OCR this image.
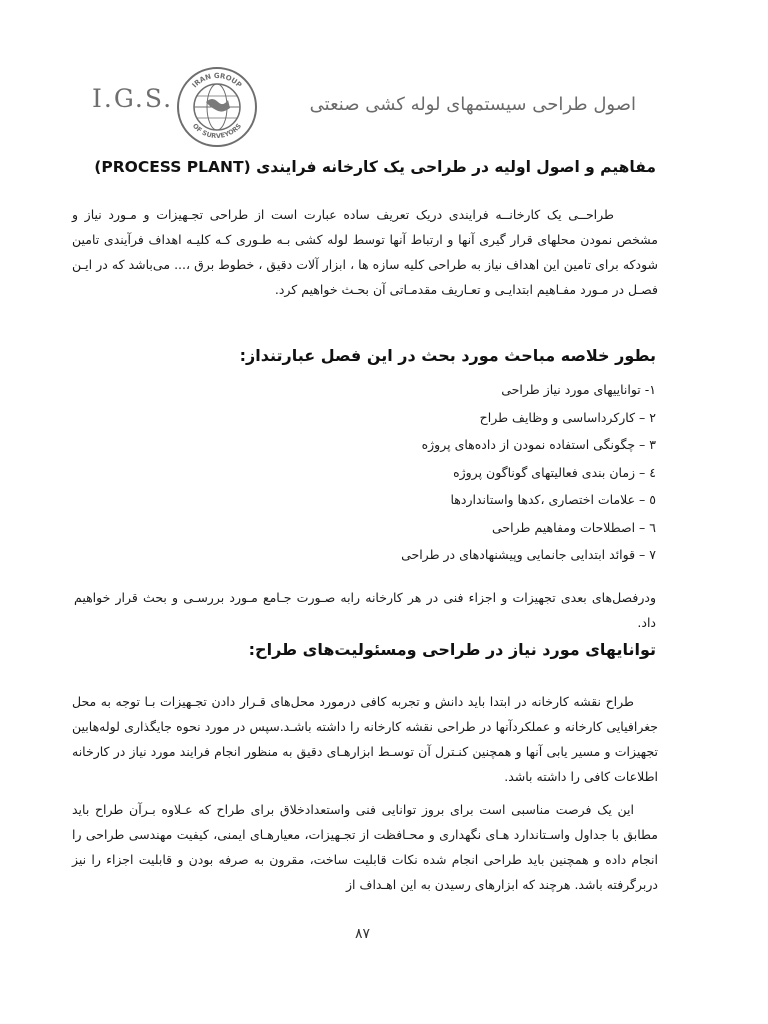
I.G.S.	IRAN GROUP
OF SURVEYORS
اصول طراحی سیستمهای لوله کشی صنعتی
مفاهیم و اصول اولیه در طراحی یک کارخانه فرایندی (PROCESS PLANT)

طراحــی یک کارخانــه فرایندی دریک تعریف ساده عبارت است از طراحی تجـهیزات و مـورد نیاز و مشخص نمودن محلهای قرار گیری آنها و ارتباط آنها توسط لوله کشی بـه طـوری کـه کلیـه اهداف فرآیندی تامین شودکه برای تامین این اهداف نیاز به طراحی کلیه سازه ها ، ابزار آلات دقیق ، خطوط برق ،... می‌باشد که در ایـن فصـل در مـورد مفـاهیم ابتدایـی و تعـاریف مقدمـاتی آن بحـث خواهیم کرد.

بطور خلاصه مباحث مورد بحث در این فصل عبارتنداز:
۱- تواناییهای مورد نیاز طراحی
۲ – کارکرداساسی و وظایف طراح
۳ – چگونگی استفاده نمودن از داده‌های پروژه
٤ – زمان بندی فعالیتهای گوناگون پروژه
٥ – علامات اختصاری ،کدها واستانداردها
٦ – اصطلاحات ومفاهیم طراحی
۷ – قوائد ابتدایی جانمایی وپیشنهادهای در طراحی

ودرفصل‌های بعدی تجهیزات و اجزاء فنی در هر کارخانه رابه صـورت جـامع مـورد بررسـی و بحث قرار خواهیم داد.

توانایهای مورد نیاز در طراحی ومسئولیت‌های طراح:

طراح نقشه کارخانه در ابتدا باید دانش و تجربه کافی درمورد محل‌های قـرار دادن تجـهیزات بـا توجه به محل جغرافیایی کارخانه و عملکردآنها در طراحی نقشه کارخانه را داشته باشـد.سپس در مورد نحوه جایگذاری لوله‌هابین تجهیزات و مسیر یابی آنها و همچنین کنـترل آن توسـط ابزارهـای دقیق به منظور انجام فرایند مورد نیاز در کارخانه اطلاعات کافی را داشته باشد.

این یک فرصت مناسبی است برای بروز توانایی فنی واستعدادخلاق برای طراح که عـلاوه بـرآن طراح باید مطابق با جداول واسـتاندارد هـای نگهداری و محـافظت از تجـهیزات، معیارهـای ایمنی، کیفیت مهندسی طراحی را انجام داده و همچنین باید طراحی انجام شده نکات قابلیت ساخت، مقرون به صرفه بودن و قابلیت اجزاء را نیز دربرگرفته باشد. هرچند که ابزارهای رسیدن به این اهـداف از

۸۷
